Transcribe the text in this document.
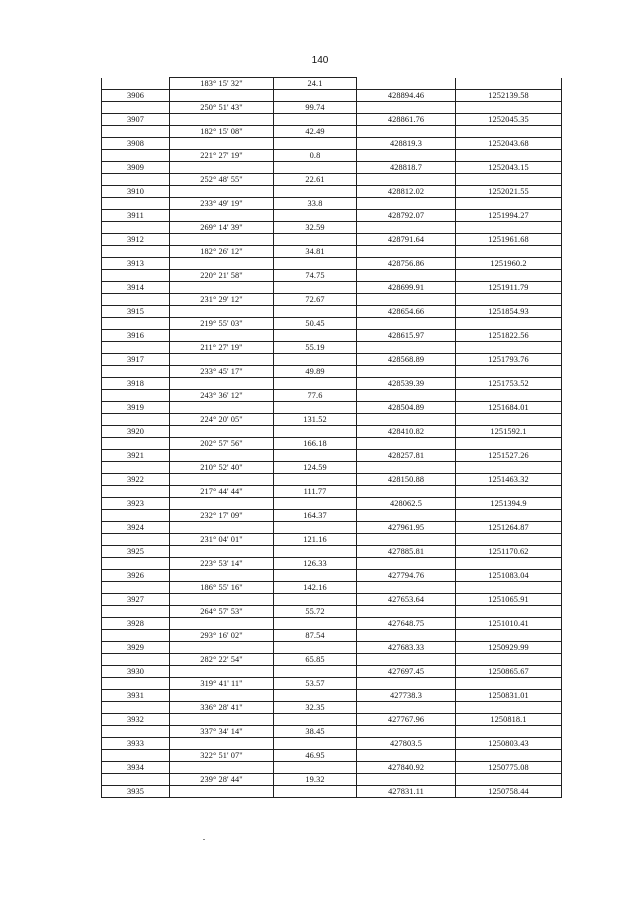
140
	183° 15' 32"	24.1		
3906			428894.46	1252139.58
	250° 51' 43"	99.74		
3907			428861.76	1252045.35
	182° 15' 08"	42.49		
3908			428819.3	1252043.68
	221° 27' 19"	0.8		
3909			428818.7	1252043.15
	252° 48' 55"	22.61		
3910			428812.02	1252021.55
	233° 49' 19"	33.8		
3911			428792.07	1251994.27
	269° 14' 39"	32.59		
3912			428791.64	1251961.68
	182° 26' 12"	34.81		
3913			428756.86	1251960.2
	220° 21' 58"	74.75		
3914			428699.91	1251911.79
	231° 29' 12"	72.67		
3915			428654.66	1251854.93
	219° 55' 03"	50.45		
3916			428615.97	1251822.56
	211° 27' 19"	55.19		
3917			428568.89	1251793.76
	233° 45' 17"	49.89		
3918			428539.39	1251753.52
	243° 36' 12"	77.6		
3919			428504.89	1251684.01
	224° 20' 05"	131.52		
3920			428410.82	1251592.1
	202° 57' 56"	166.18		
3921			428257.81	1251527.26
	210° 52' 40"	124.59		
3922			428150.88	1251463.32
	217° 44' 44"	111.77		
3923			428062.5	1251394.9
	232° 17' 09"	164.37		
3924			427961.95	1251264.87
	231° 04' 01"	121.16		
3925			427885.81	1251170.62
	223° 53' 14"	126.33		
3926			427794.76	1251083.04
	186° 55' 16"	142.16		
3927			427653.64	1251065.91
	264° 57' 53"	55.72		
3928			427648.75	1251010.41
	293° 16' 02"	87.54		
3929			427683.33	1250929.99
	282° 22' 54"	65.85		
3930			427697.45	1250865.67
	319° 41' 11"	53.57		
3931			427738.3	1250831.01
	336° 28' 41"	32.35		
3932			427767.96	1250818.1
	337° 34' 14"	38.45		
3933			427803.5	1250803.43
	322° 51' 07"	46.95		
3934			427840.92	1250775.08
	239° 28' 44"	19.32		
3935			427831.11	1250758.44
